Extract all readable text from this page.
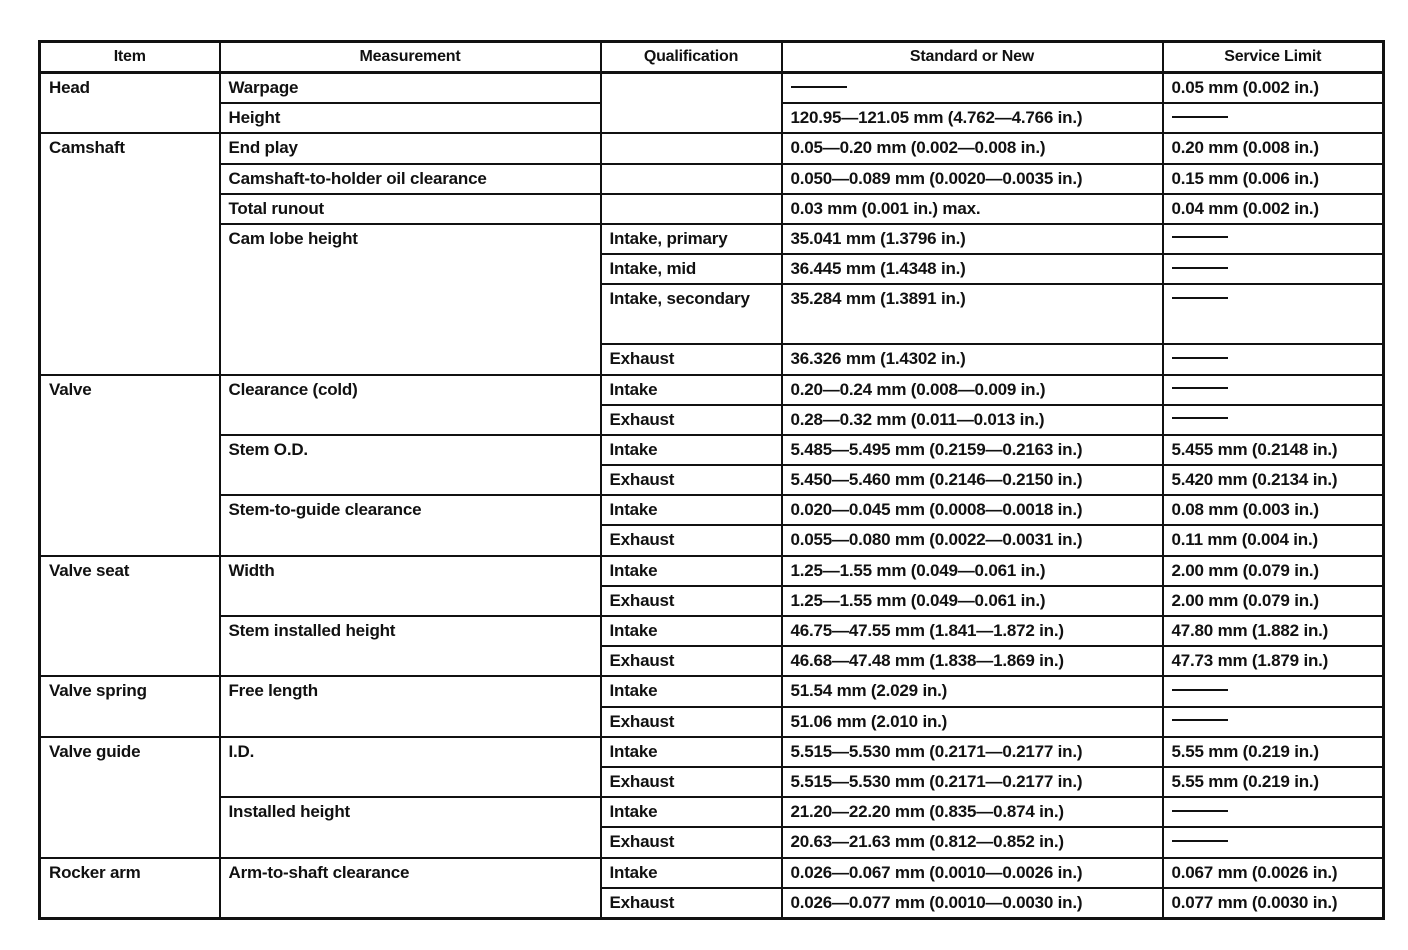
Item	Measurement	Qualification	Standard or New	Service Limit
Head	Warpage			0.05 mm (0.002 in.)
	Height		120.95—121.05 mm (4.762—4.766 in.)	
Camshaft	End play		0.05—0.20 mm (0.002—0.008 in.)	0.20 mm (0.008 in.)
	Camshaft-to-holder oil clearance		0.050—0.089 mm (0.0020—0.0035 in.)	0.15 mm (0.006 in.)
	Total runout		0.03 mm (0.001 in.) max.	0.04 mm (0.002 in.)
	Cam lobe height	Intake, primary	35.041 mm (1.3796 in.)	
		Intake, mid	36.445 mm (1.4348 in.)	
		Intake, secondary	35.284 mm (1.3891 in.)	
		Exhaust	36.326 mm (1.4302 in.)	
Valve	Clearance (cold)	Intake	0.20—0.24 mm (0.008—0.009 in.)	
		Exhaust	0.28—0.32 mm (0.011—0.013 in.)	
	Stem O.D.	Intake	5.485—5.495 mm (0.2159—0.2163 in.)	5.455 mm (0.2148 in.)
		Exhaust	5.450—5.460 mm (0.2146—0.2150 in.)	5.420 mm (0.2134 in.)
	Stem-to-guide clearance	Intake	0.020—0.045 mm (0.0008—0.0018 in.)	0.08 mm (0.003 in.)
		Exhaust	0.055—0.080 mm (0.0022—0.0031 in.)	0.11 mm (0.004 in.)
Valve seat	Width	Intake	1.25—1.55 mm (0.049—0.061 in.)	2.00 mm (0.079 in.)
		Exhaust	1.25—1.55 mm (0.049—0.061 in.)	2.00 mm (0.079 in.)
	Stem installed height	Intake	46.75—47.55 mm (1.841—1.872 in.)	47.80 mm (1.882 in.)
		Exhaust	46.68—47.48 mm (1.838—1.869 in.)	47.73 mm (1.879 in.)
Valve spring	Free length	Intake	51.54 mm (2.029 in.)	
		Exhaust	51.06 mm (2.010 in.)	
Valve guide	I.D.	Intake	5.515—5.530 mm (0.2171—0.2177 in.)	5.55 mm (0.219 in.)
		Exhaust	5.515—5.530 mm (0.2171—0.2177 in.)	5.55 mm (0.219 in.)
	Installed height	Intake	21.20—22.20 mm (0.835—0.874 in.)	
		Exhaust	20.63—21.63 mm (0.812—0.852 in.)	
Rocker arm	Arm-to-shaft clearance	Intake	0.026—0.067 mm (0.0010—0.0026 in.)	0.067 mm (0.0026 in.)
		Exhaust	0.026—0.077 mm (0.0010—0.0030 in.)	0.077 mm (0.0030 in.)
